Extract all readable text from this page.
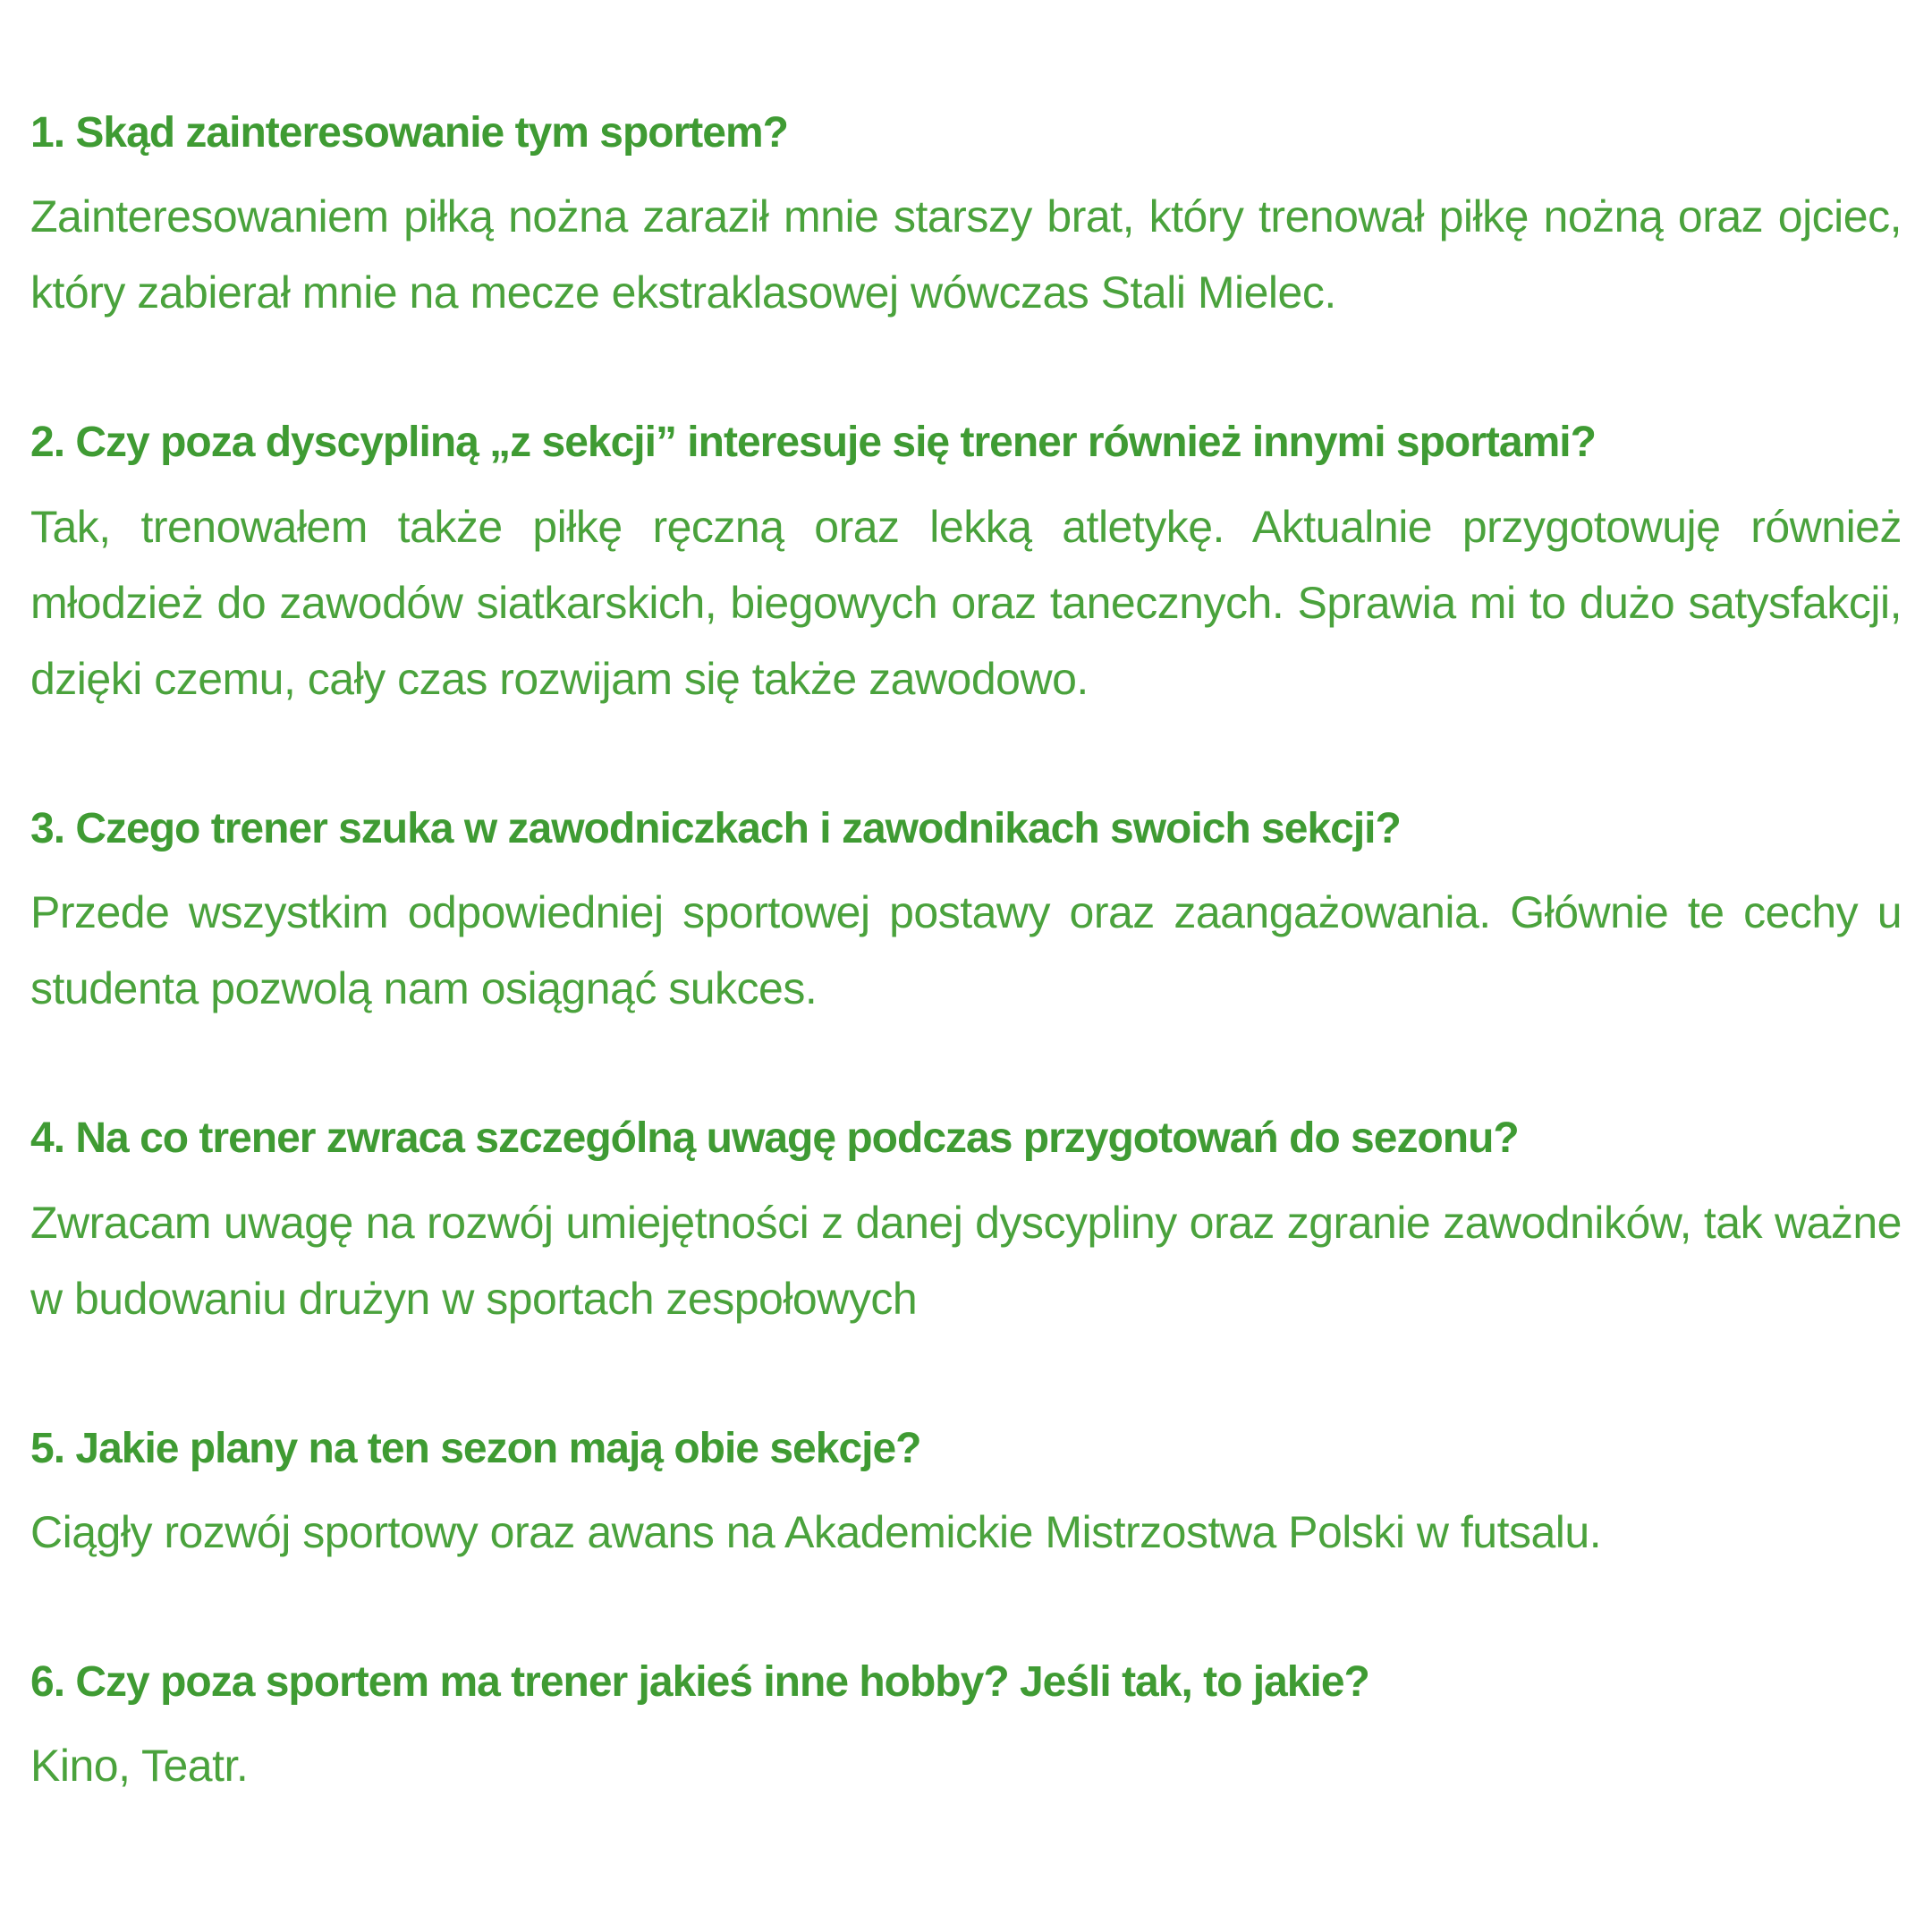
1. Skąd zainteresowanie tym sportem?

Zainteresowaniem piłką nożna zaraził mnie starszy brat, który trenował piłkę nożną oraz ojciec, który zabierał mnie na mecze ekstraklasowej wówczas Stali Mielec.

2. Czy poza dyscypliną „z sekcji” interesuje się trener również innymi sportami?

Tak, trenowałem także piłkę ręczną oraz lekką atletykę. Aktualnie przygotowuję również młodzież do zawodów siatkarskich, biegowych oraz tanecznych. Sprawia mi to dużo satysfakcji, dzięki czemu, cały czas rozwijam się także zawodowo.

3. Czego trener szuka w zawodniczkach i zawodnikach swoich sekcji?

Przede wszystkim odpowiedniej sportowej postawy oraz zaangażowania. Głównie te cechy u studenta pozwolą nam osiągnąć sukces.

4. Na co trener zwraca szczególną uwagę podczas przygotowań do sezonu?

Zwracam uwagę na rozwój umiejętności z danej dyscypliny oraz zgranie zawodników, tak ważne w budowaniu drużyn w sportach zespołowych

5. Jakie plany na ten sezon mają obie sekcje?

Ciągły rozwój sportowy oraz awans na Akademickie Mistrzostwa Polski w futsalu.

6. Czy poza sportem ma trener jakieś inne hobby? Jeśli tak, to jakie?

Kino, Teatr.
